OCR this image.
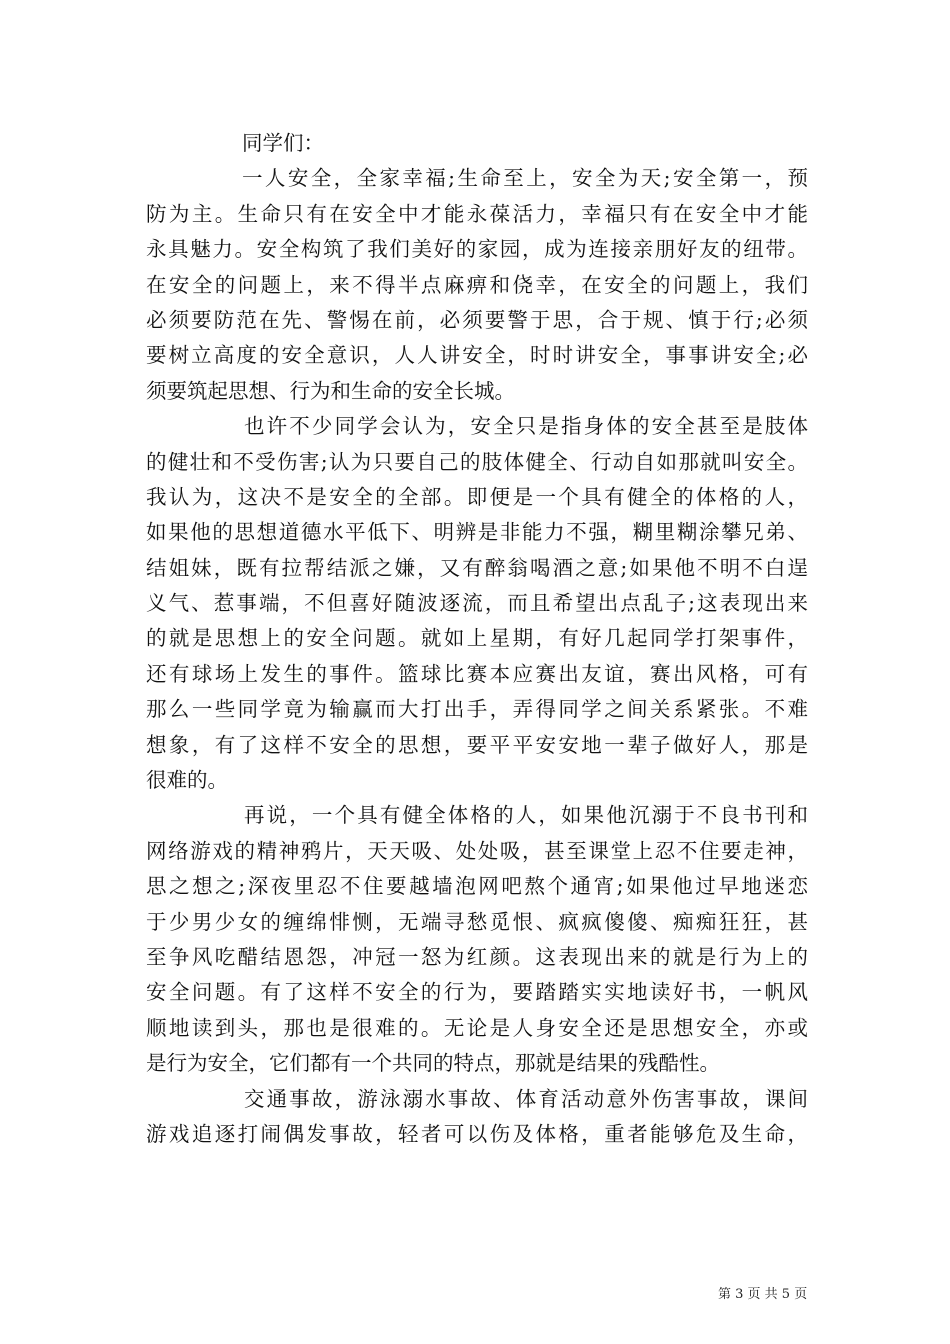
同学们：
一人安全，全家幸福;生命至上，安全为天;安全第一，预
防为主。生命只有在安全中才能永葆活力，幸福只有在安全中才能
永具魅力。安全构筑了我们美好的家园，成为连接亲朋好友的纽带。
在安全的问题上，来不得半点麻痹和侥幸，在安全的问题上，我们
必须要防范在先、警惕在前，必须要警于思，合于规、慎于行;必须
要树立高度的安全意识，人人讲安全，时时讲安全，事事讲安全;必
须要筑起思想、行为和生命的安全长城。
也许不少同学会认为，安全只是指身体的安全甚至是肢体
的健壮和不受伤害;认为只要自己的肢体健全、行动自如那就叫安全。
我认为，这决不是安全的全部。即便是一个具有健全的体格的人，
如果他的思想道德水平低下、明辨是非能力不强，糊里糊涂攀兄弟、
结姐妹，既有拉帮结派之嫌，又有醉翁喝酒之意;如果他不明不白逞
义气、惹事端，不但喜好随波逐流，而且希望出点乱子;这表现出来
的就是思想上的安全问题。就如上星期，有好几起同学打架事件，
还有球场上发生的事件。篮球比赛本应赛出友谊，赛出风格，可有
那么一些同学竟为输赢而大打出手，弄得同学之间关系紧张。不难
想象，有了这样不安全的思想，要平平安安地一辈子做好人，那是
很难的。
再说，一个具有健全体格的人，如果他沉溺于不良书刊和
网络游戏的精神鸦片，天天吸、处处吸，甚至课堂上忍不住要走神，
思之想之;深夜里忍不住要越墙泡网吧熬个通宵;如果他过早地迷恋
于少男少女的缠绵悱恻，无端寻愁觅恨、疯疯傻傻、痴痴狂狂，甚
至争风吃醋结恩怨，冲冠一怒为红颜。这表现出来的就是行为上的
安全问题。有了这样不安全的行为，要踏踏实实地读好书，一帆风
顺地读到头，那也是很难的。无论是人身安全还是思想安全，亦或
是行为安全，它们都有一个共同的特点，那就是结果的残酷性。
交通事故，游泳溺水事故、体育活动意外伤害事故，课间
游戏追逐打闹偶发事故，轻者可以伤及体格，重者能够危及生命，
第 3 页 共 5 页
